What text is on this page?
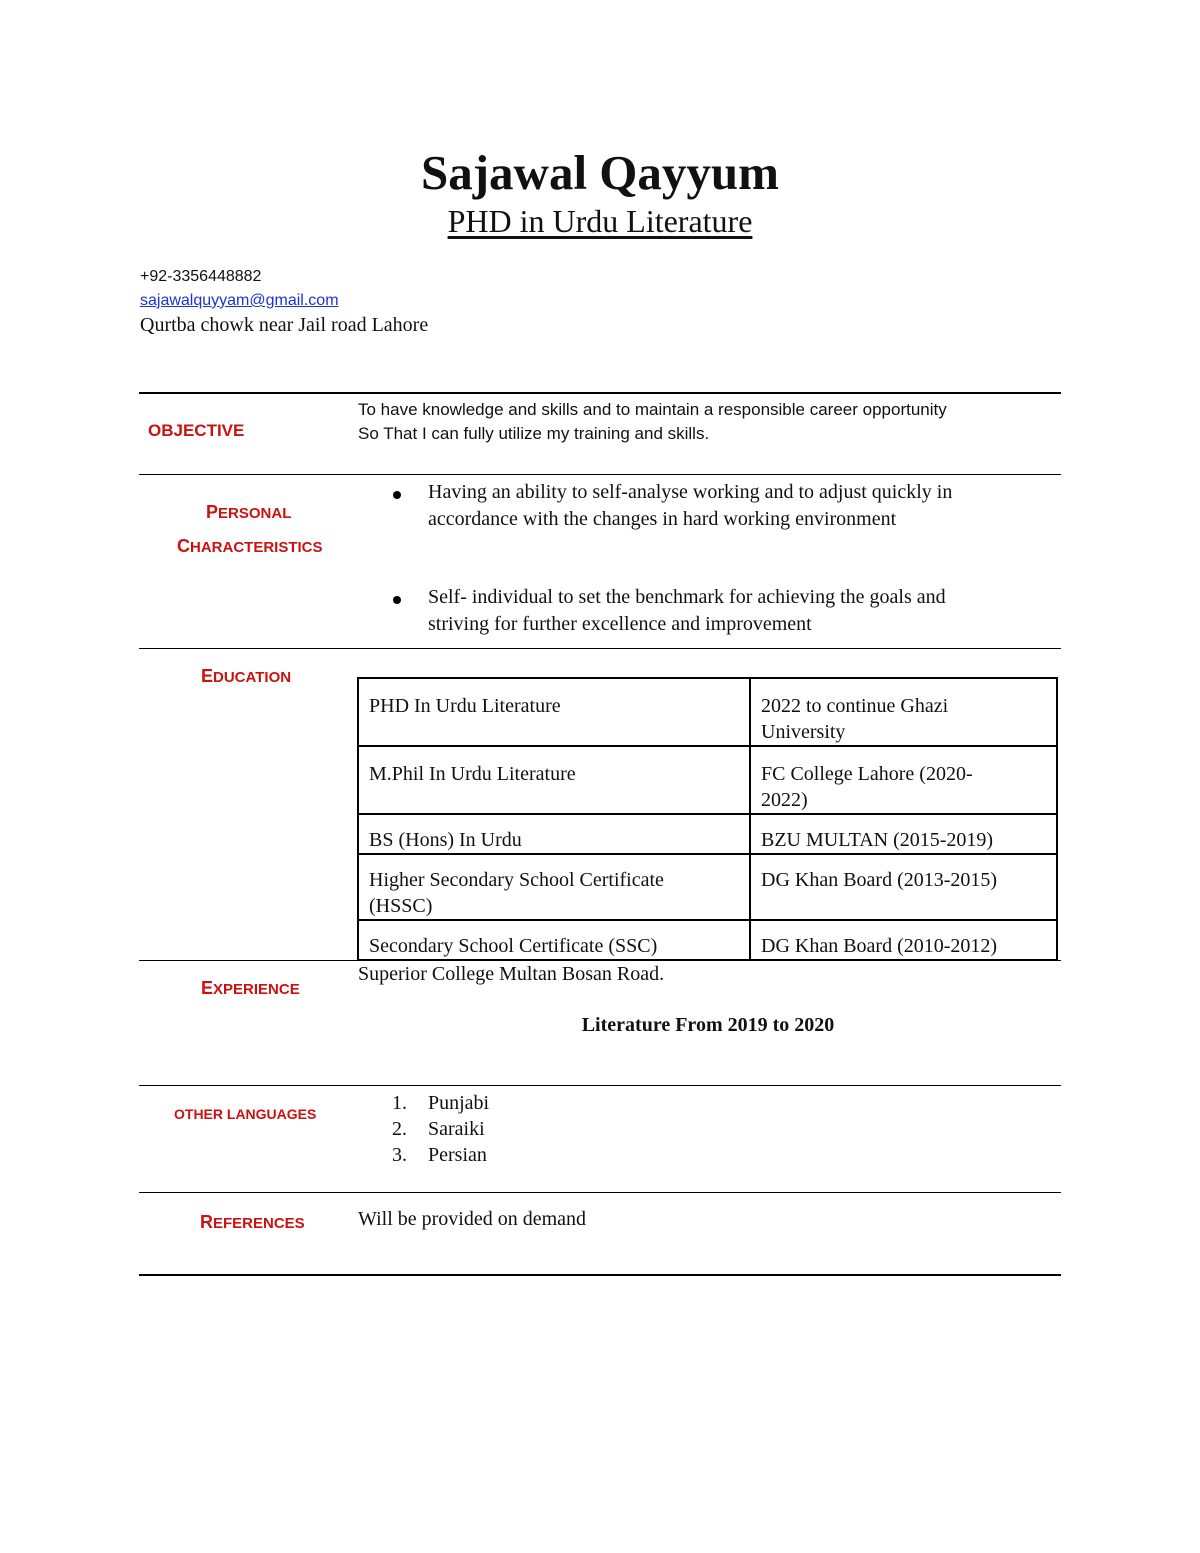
Sajawal Qayyum
PHD in Urdu Literature
+92-3356448882
sajawalquyyam@gmail.com
Qurtba chowk near Jail road Lahore
OBJECTIVE
To have knowledge and skills and to maintain a responsible career opportunity
So That I can fully utilize my training and skills.
PERSONAL
CHARACTERISTICS
Having an ability to self-analyse working and to adjust quickly in
accordance with the changes in hard working environment
Self- individual to set the benchmark for achieving the goals and
striving for further excellence and improvement
EDUCATION
PHD In Urdu Literature	2022 to continue Ghazi
University

M.Phil In Urdu Literature	FC College Lahore (2020-
2022)

BS (Hons) In Urdu	BZU MULTAN (2015-2019)

Higher Secondary School Certificate
(HSSC)	DG Khan Board (2013-2015)
Secondary School Certificate (SSC)	DG Khan Board (2010-2012)
EXPERIENCE
Superior College Multan Bosan Road.
Literature From 2019 to 2020
OTHER LANGUAGES	1.	Punjabi
2.	Saraiki
3.	Persian
REFERENCES	Will be provided on demand
